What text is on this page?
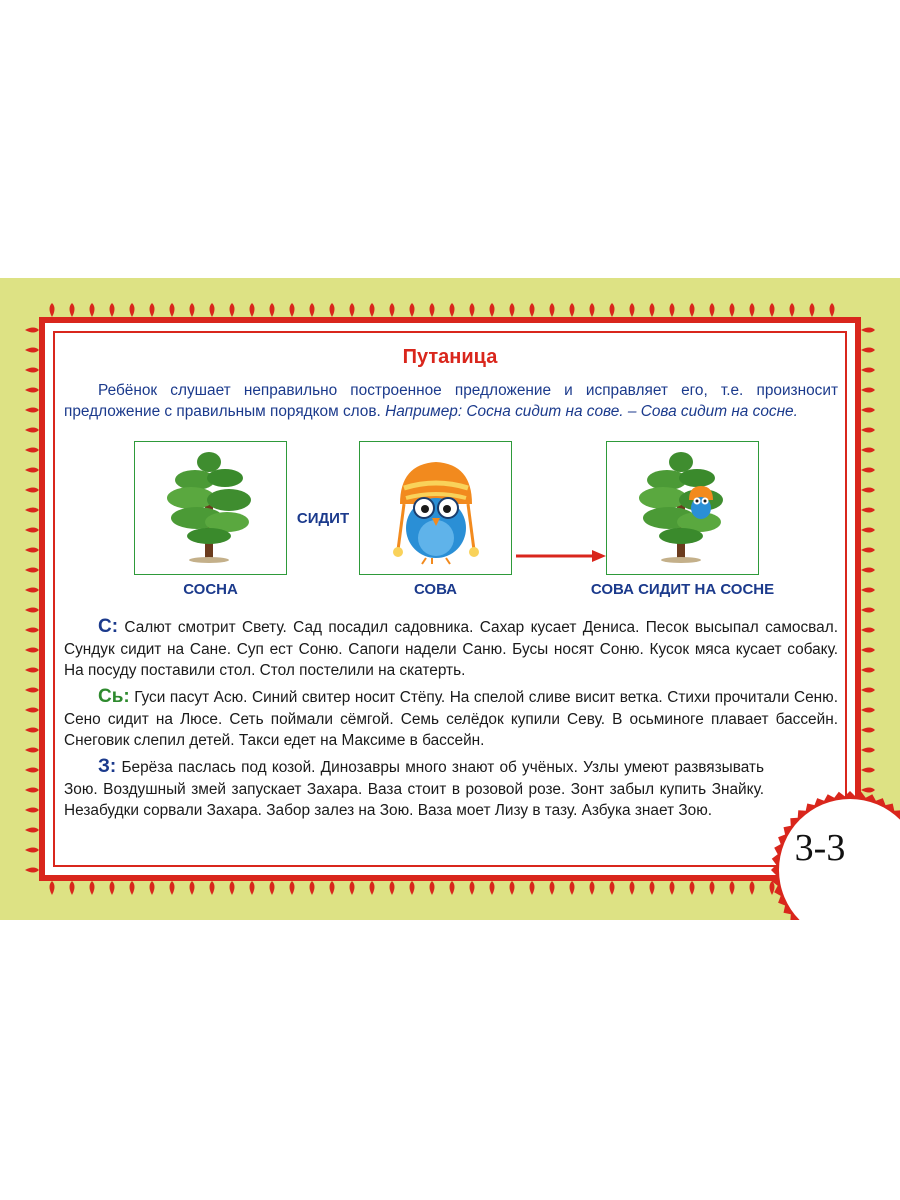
Путаница
Ребёнок слушает неправильно построенное предложение и исправляет его, т.е. произносит предложение с правильным порядком слов. Например: Сосна сидит на сове. – Сова сидит на сосне.
СИДИТ
СОСНА	СОВА	СОВА СИДИТ НА СОСНЕ
С: Салют смотрит Свету. Сад посадил садовника. Сахар кусает Дениса. Песок высыпал самосвал. Сундук сидит на Сане. Суп ест Соню. Сапоги надели Саню. Бусы носят Соню. Кусок мяса кусает собаку. На посуду поставили стол. Стол постелили на скатерть.
Сь: Гуси пасут Асю. Синий свитер носит Стёпу. На спелой сливе висит ветка. Стихи прочитали Сеню. Сено сидит на Люсе. Сеть поймали сёмгой. Семь селёдок купили Севу. В осьминоге плавает бассейн. Снеговик слепил детей. Такси едет на Максиме в бассейн.
З: Берёза паслась под козой. Динозавры много знают об учёных. Узлы умеют развязывать Зою. Воздушный змей запускает Захара. Ваза стоит в розовой розе. Зонт забыл купить Знайку. Незабудки сорвали Захара. Забор залез на Зою. Ваза моет Лизу в тазу. Азбука знает Зою.
3-3
